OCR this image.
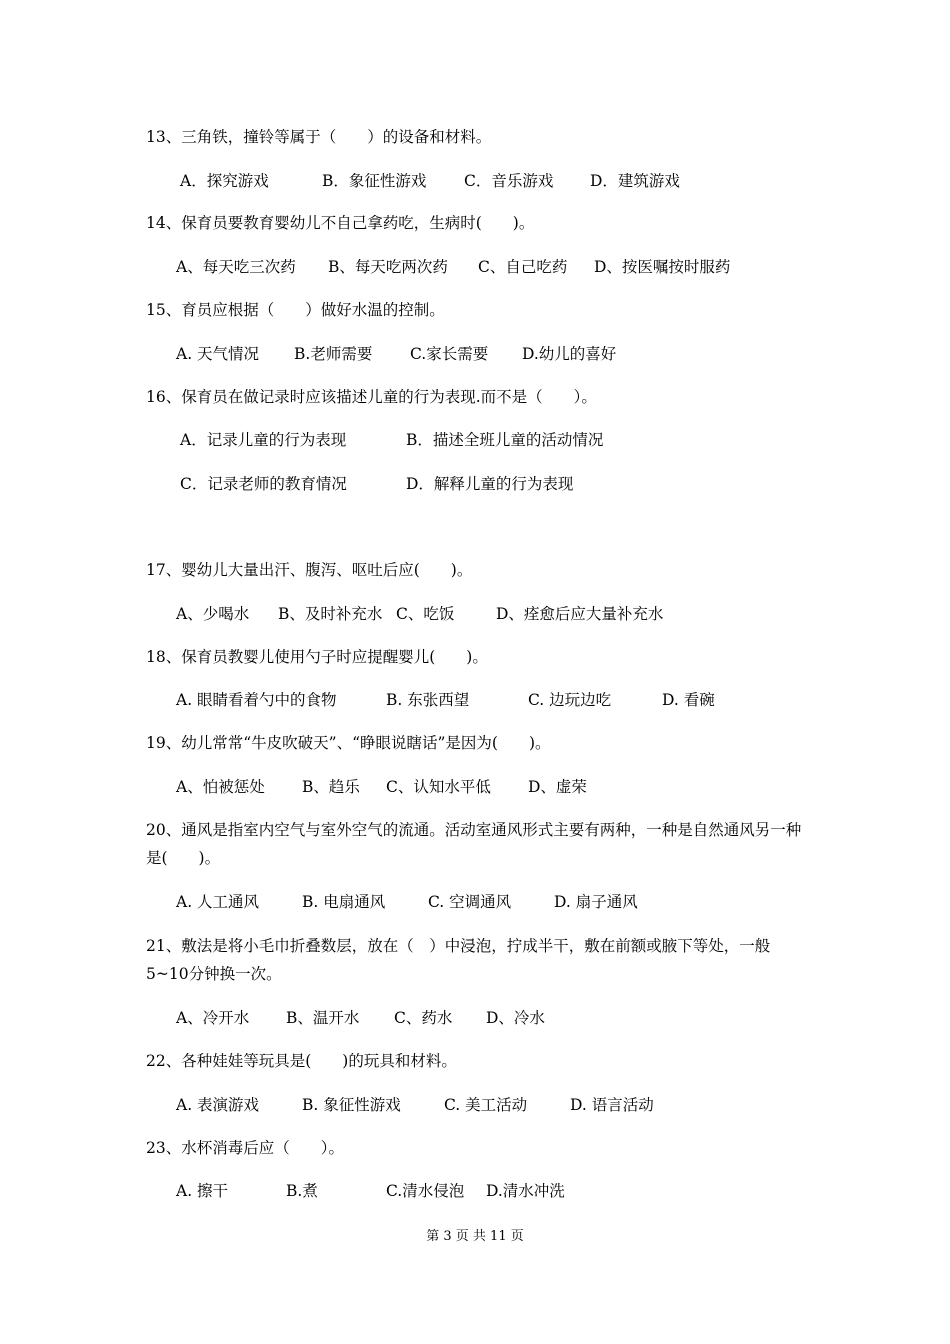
13、三角铁，撞铃等属于（　　）的设备和材料。
A．探究游戏	B．象征性游戏 C．音乐游戏 D．建筑游戏
14、保育员要教育婴幼儿不自己拿药吃，生病时(　　)。
A、每天吃三次药 B、每天吃两次药 C、自己吃药 D、按医嘱按时服药
15、育员应根据（　　）做好水温的控制。
A. 天气情况 B.老师需要 C.家长需要 D.幼儿的喜好
16、保育员在做记录时应该描述儿童的行为表现.而不是（　　）。
A．记录儿童的行为表现	B．描述全班儿童的活动情况
C．记录老师的教育情况	D．解释儿童的行为表现
17、婴幼儿大量出汗、腹泻、呕吐后应(　　)。
A、少喝水 B、及时补充水 C、吃饭	D、痊愈后应大量补充水
18、保育员教婴儿使用勺子时应提醒婴儿(　　)。
A. 眼睛看着勺中的食物	B. 东张西望	C. 边玩边吃	D. 看碗
19、幼儿常常“牛皮吹破天”、“睁眼说瞎话”是因为(　　)。
A、怕被惩处 B、趋乐 C、认知水平低 D、虚荣
20、通风是指室内空气与室外空气的流通。活动室通风形式主要有两种，一种是自然通风另一种是(　　)。
A. 人工通风	B. 电扇通风	C. 空调通风	D. 扇子通风
21、敷法是将小毛巾折叠数层，放在（　）中浸泡，拧成半干，敷在前额或腋下等处，一般5~10分钟换一次。
A、冷开水 B、温开水 C、药水 D、冷水
22、各种娃娃等玩具是(　　)的玩具和材料。
A. 表演游戏	B. 象征性游戏	C. 美工活动	D. 语言活动
23、水杯消毒后应（　　）。
A. 擦干	B.煮	C.清水侵泡 D.清水冲洗
第 3 页 共 11 页
